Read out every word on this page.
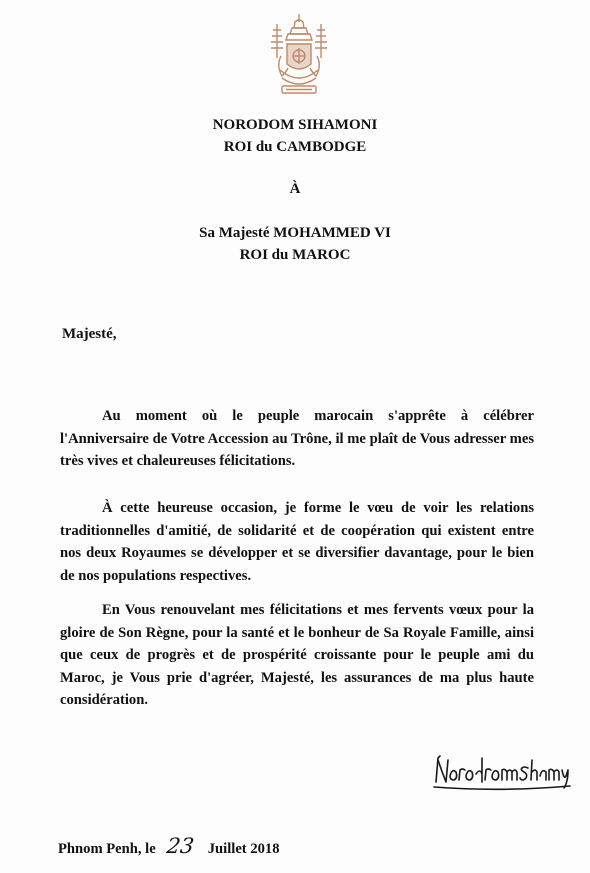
NORODOM SIHAMONI
ROI du CAMBODGE
À
Sa Majesté MOHAMMED VI
ROI du MAROC
Majesté,

Au moment où le peuple marocain s'apprête à célébrer l'Anniversaire de Votre Accession au Trône, il me plaît de Vous adresser mes très vives et chaleureuses félicitations.

À cette heureuse occasion, je forme le vœu de voir les relations traditionnelles d'amitié, de solidarité et de coopération qui existent entre nos deux Royaumes se développer et se diversifier davantage, pour le bien de nos populations respectives.

En Vous renouvelant mes félicitations et mes fervents vœux pour la gloire de Son Règne, pour la santé et le bonheur de Sa Royale Famille, ainsi que ceux de progrès et de prospérité croissante pour le peuple ami du Maroc, je Vous prie d'agréer, Majesté, les assurances de ma plus haute considération.

Phnom Penh, le 23 Juillet 2018
